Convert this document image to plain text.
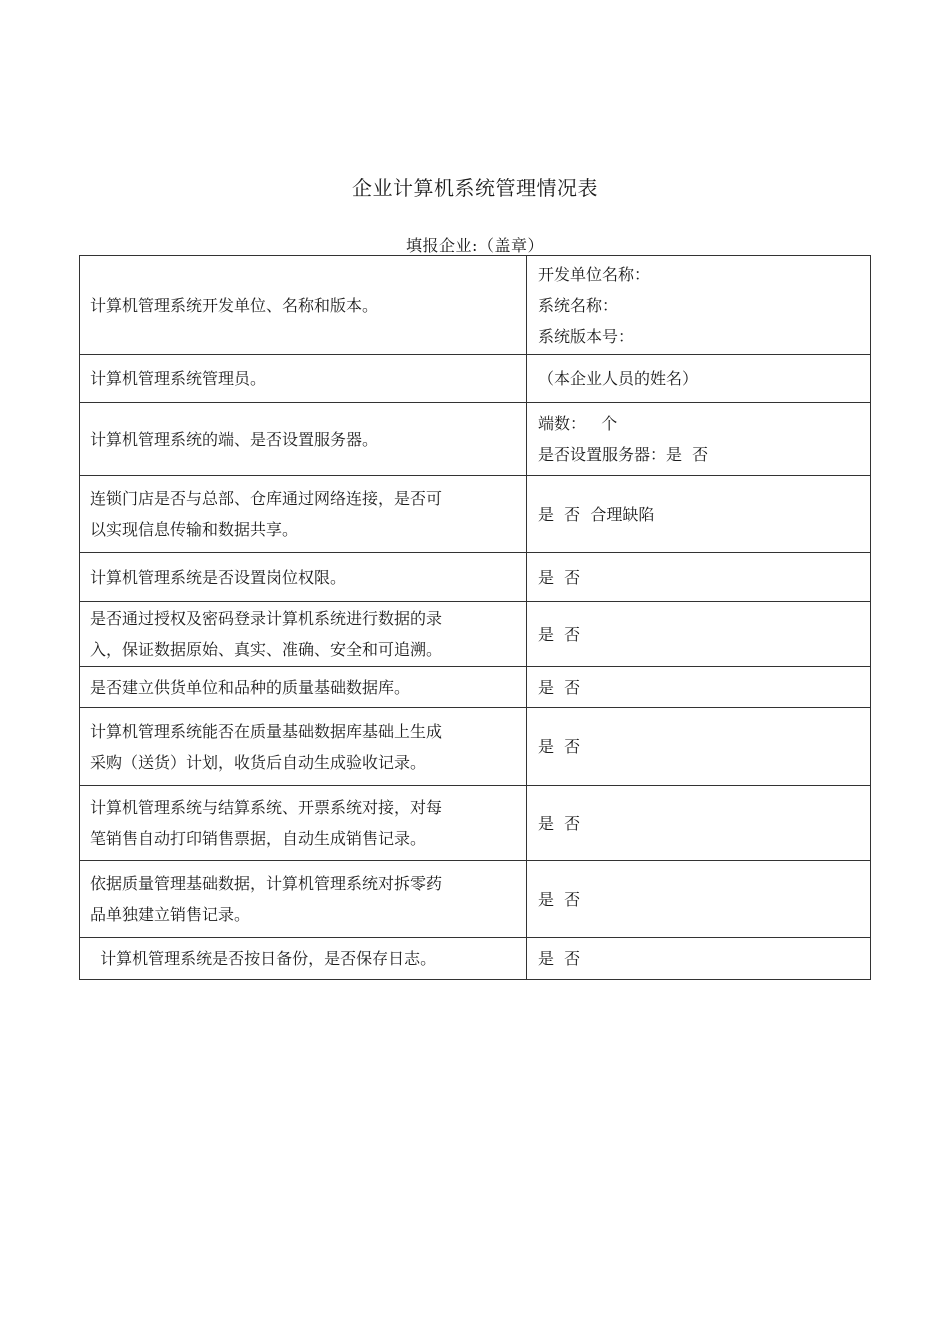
企业计算机系统管理情况表
填报企业:（盖章）
计算机管理系统开发单位、名称和版本。	开发单位名称：
系统名称：
系统版本号：

计算机管理系统管理员。	（本企业人员的姓名）

计算机管理系统的端、是否设置服务器。	端数：   个
是否设置服务器：是  否

连锁门店是否与总部、仓库通过网络连接，是否可
以实现信息传输和数据共享。	是  否  合理缺陷

计算机管理系统是否设置岗位权限。	是  否

是否通过授权及密码登录计算机系统进行数据的录
入，保证数据原始、真实、准确、安全和可追溯。	是  否

是否建立供货单位和品种的质量基础数据库。	是  否

计算机管理系统能否在质量基础数据库基础上生成
采购（送货）计划，收货后自动生成验收记录。	是  否

计算机管理系统与结算系统、开票系统对接，对每
笔销售自动打印销售票据，自动生成销售记录。	是  否

依据质量管理基础数据，计算机管理系统对拆零药
品单独建立销售记录。	是  否

计算机管理系统是否按日备份，是否保存日志。	是  否
